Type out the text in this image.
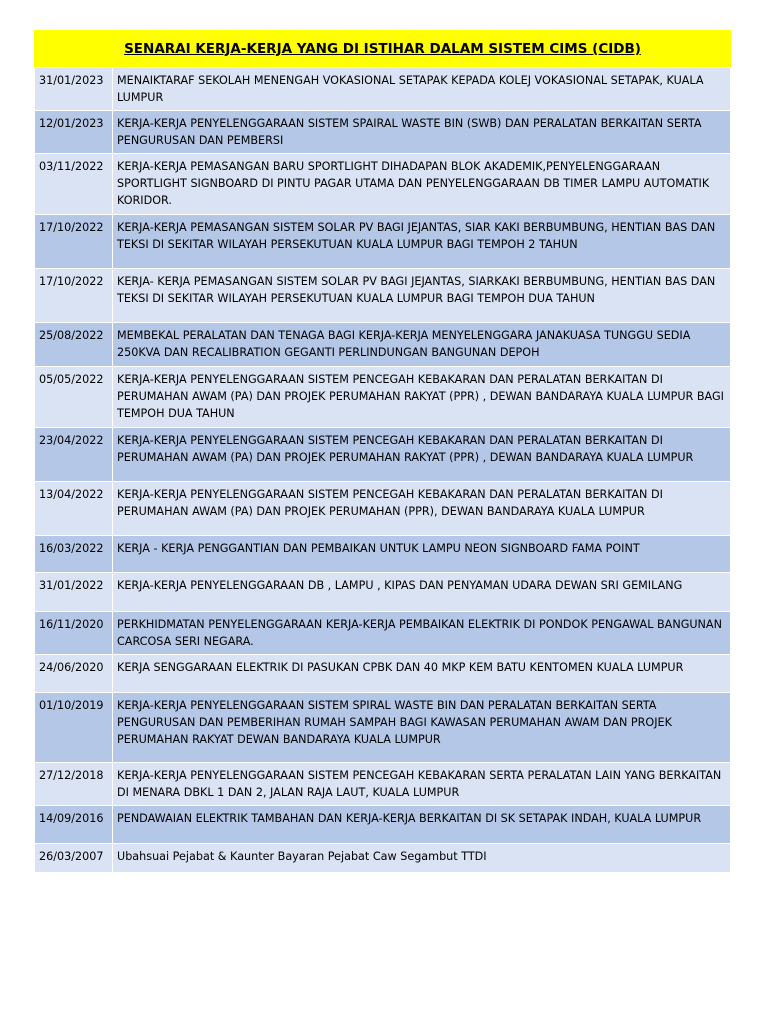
SENARAI KERJA-KERJA YANG DI ISTIHAR DALAM SISTEM CIMS (CIDB)
31/01/2023	MENAIKTARAF SEKOLAH MENENGAH VOKASIONAL SETAPAK KEPADA KOLEJ VOKASIONAL SETAPAK, KUALA LUMPUR
12/01/2023	KERJA-KERJA PENYELENGGARAAN SISTEM SPAIRAL WASTE BIN (SWB) DAN PERALATAN BERKAITAN SERTA PENGURUSAN DAN PEMBERSI
03/11/2022	KERJA-KERJA PEMASANGAN BARU SPORTLIGHT DIHADAPAN BLOK AKADEMIK,PENYELENGGARAAN SPORTLIGHT SIGNBOARD DI PINTU PAGAR UTAMA DAN PENYELENGGARAAN DB TIMER LAMPU AUTOMATIK KORIDOR.
17/10/2022	KERJA-KERJA PEMASANGAN SISTEM SOLAR PV BAGI JEJANTAS, SIAR KAKI BERBUMBUNG, HENTIAN BAS DAN TEKSI DI SEKITAR WILAYAH PERSEKUTUAN KUALA LUMPUR BAGI TEMPOH 2 TAHUN
17/10/2022	KERJA- KERJA PEMASANGAN SISTEM SOLAR PV BAGI JEJANTAS, SIARKAKI BERBUMBUNG, HENTIAN BAS DAN TEKSI DI SEKITAR WILAYAH PERSEKUTUAN KUALA LUMPUR BAGI TEMPOH DUA TAHUN
25/08/2022	MEMBEKAL PERALATAN DAN TENAGA BAGI KERJA-KERJA MENYELENGGARA JANAKUASA TUNGGU SEDIA 250KVA DAN RECALIBRATION GEGANTI PERLINDUNGAN BANGUNAN DEPOH
05/05/2022	KERJA-KERJA PENYELENGGARAAN SISTEM PENCEGAH KEBAKARAN DAN PERALATAN BERKAITAN DI PERUMAHAN AWAM (PA) DAN PROJEK PERUMAHAN RAKYAT (PPR) , DEWAN BANDARAYA KUALA LUMPUR BAGI TEMPOH DUA TAHUN
23/04/2022	KERJA-KERJA PENYELENGGARAAN SISTEM PENCEGAH KEBAKARAN DAN PERALATAN BERKAITAN DI PERUMAHAN AWAM (PA) DAN PROJEK PERUMAHAN RAKYAT (PPR) , DEWAN BANDARAYA KUALA LUMPUR
13/04/2022	KERJA-KERJA PENYELENGGARAAN SISTEM PENCEGAH KEBAKARAN DAN PERALATAN BERKAITAN DI PERUMAHAN AWAM (PA) DAN PROJEK PERUMAHAN (PPR), DEWAN BANDARAYA KUALA LUMPUR
16/03/2022	KERJA - KERJA PENGGANTIAN DAN PEMBAIKAN UNTUK LAMPU NEON SIGNBOARD FAMA POINT
31/01/2022	KERJA-KERJA PENYELENGGARAAN DB , LAMPU , KIPAS DAN PENYAMAN UDARA DEWAN SRI GEMILANG
16/11/2020	PERKHIDMATAN PENYELENGGARAAN KERJA-KERJA PEMBAIKAN ELEKTRIK DI PONDOK PENGAWAL BANGUNAN CARCOSA SERI NEGARA.
24/06/2020	KERJA SENGGARAAN ELEKTRIK DI PASUKAN CPBK DAN 40 MKP KEM BATU KENTOMEN KUALA LUMPUR
01/10/2019	KERJA-KERJA PENYELENGGARAAN SISTEM SPIRAL WASTE BIN DAN PERALATAN BERKAITAN SERTA PENGURUSAN DAN PEMBERIHAN RUMAH SAMPAH BAGI KAWASAN PERUMAHAN AWAM DAN PROJEK PERUMAHAN RAKYAT DEWAN BANDARAYA KUALA LUMPUR
27/12/2018	KERJA-KERJA PENYELENGGARAAN SISTEM PENCEGAH KEBAKARAN SERTA PERALATAN LAIN YANG BERKAITAN DI MENARA DBKL 1 DAN 2, JALAN RAJA LAUT, KUALA LUMPUR
14/09/2016	PENDAWAIAN ELEKTRIK TAMBAHAN DAN KERJA-KERJA BERKAITAN DI SK SETAPAK INDAH, KUALA LUMPUR
26/03/2007	Ubahsuai Pejabat & Kaunter Bayaran Pejabat Caw Segambut TTDI
